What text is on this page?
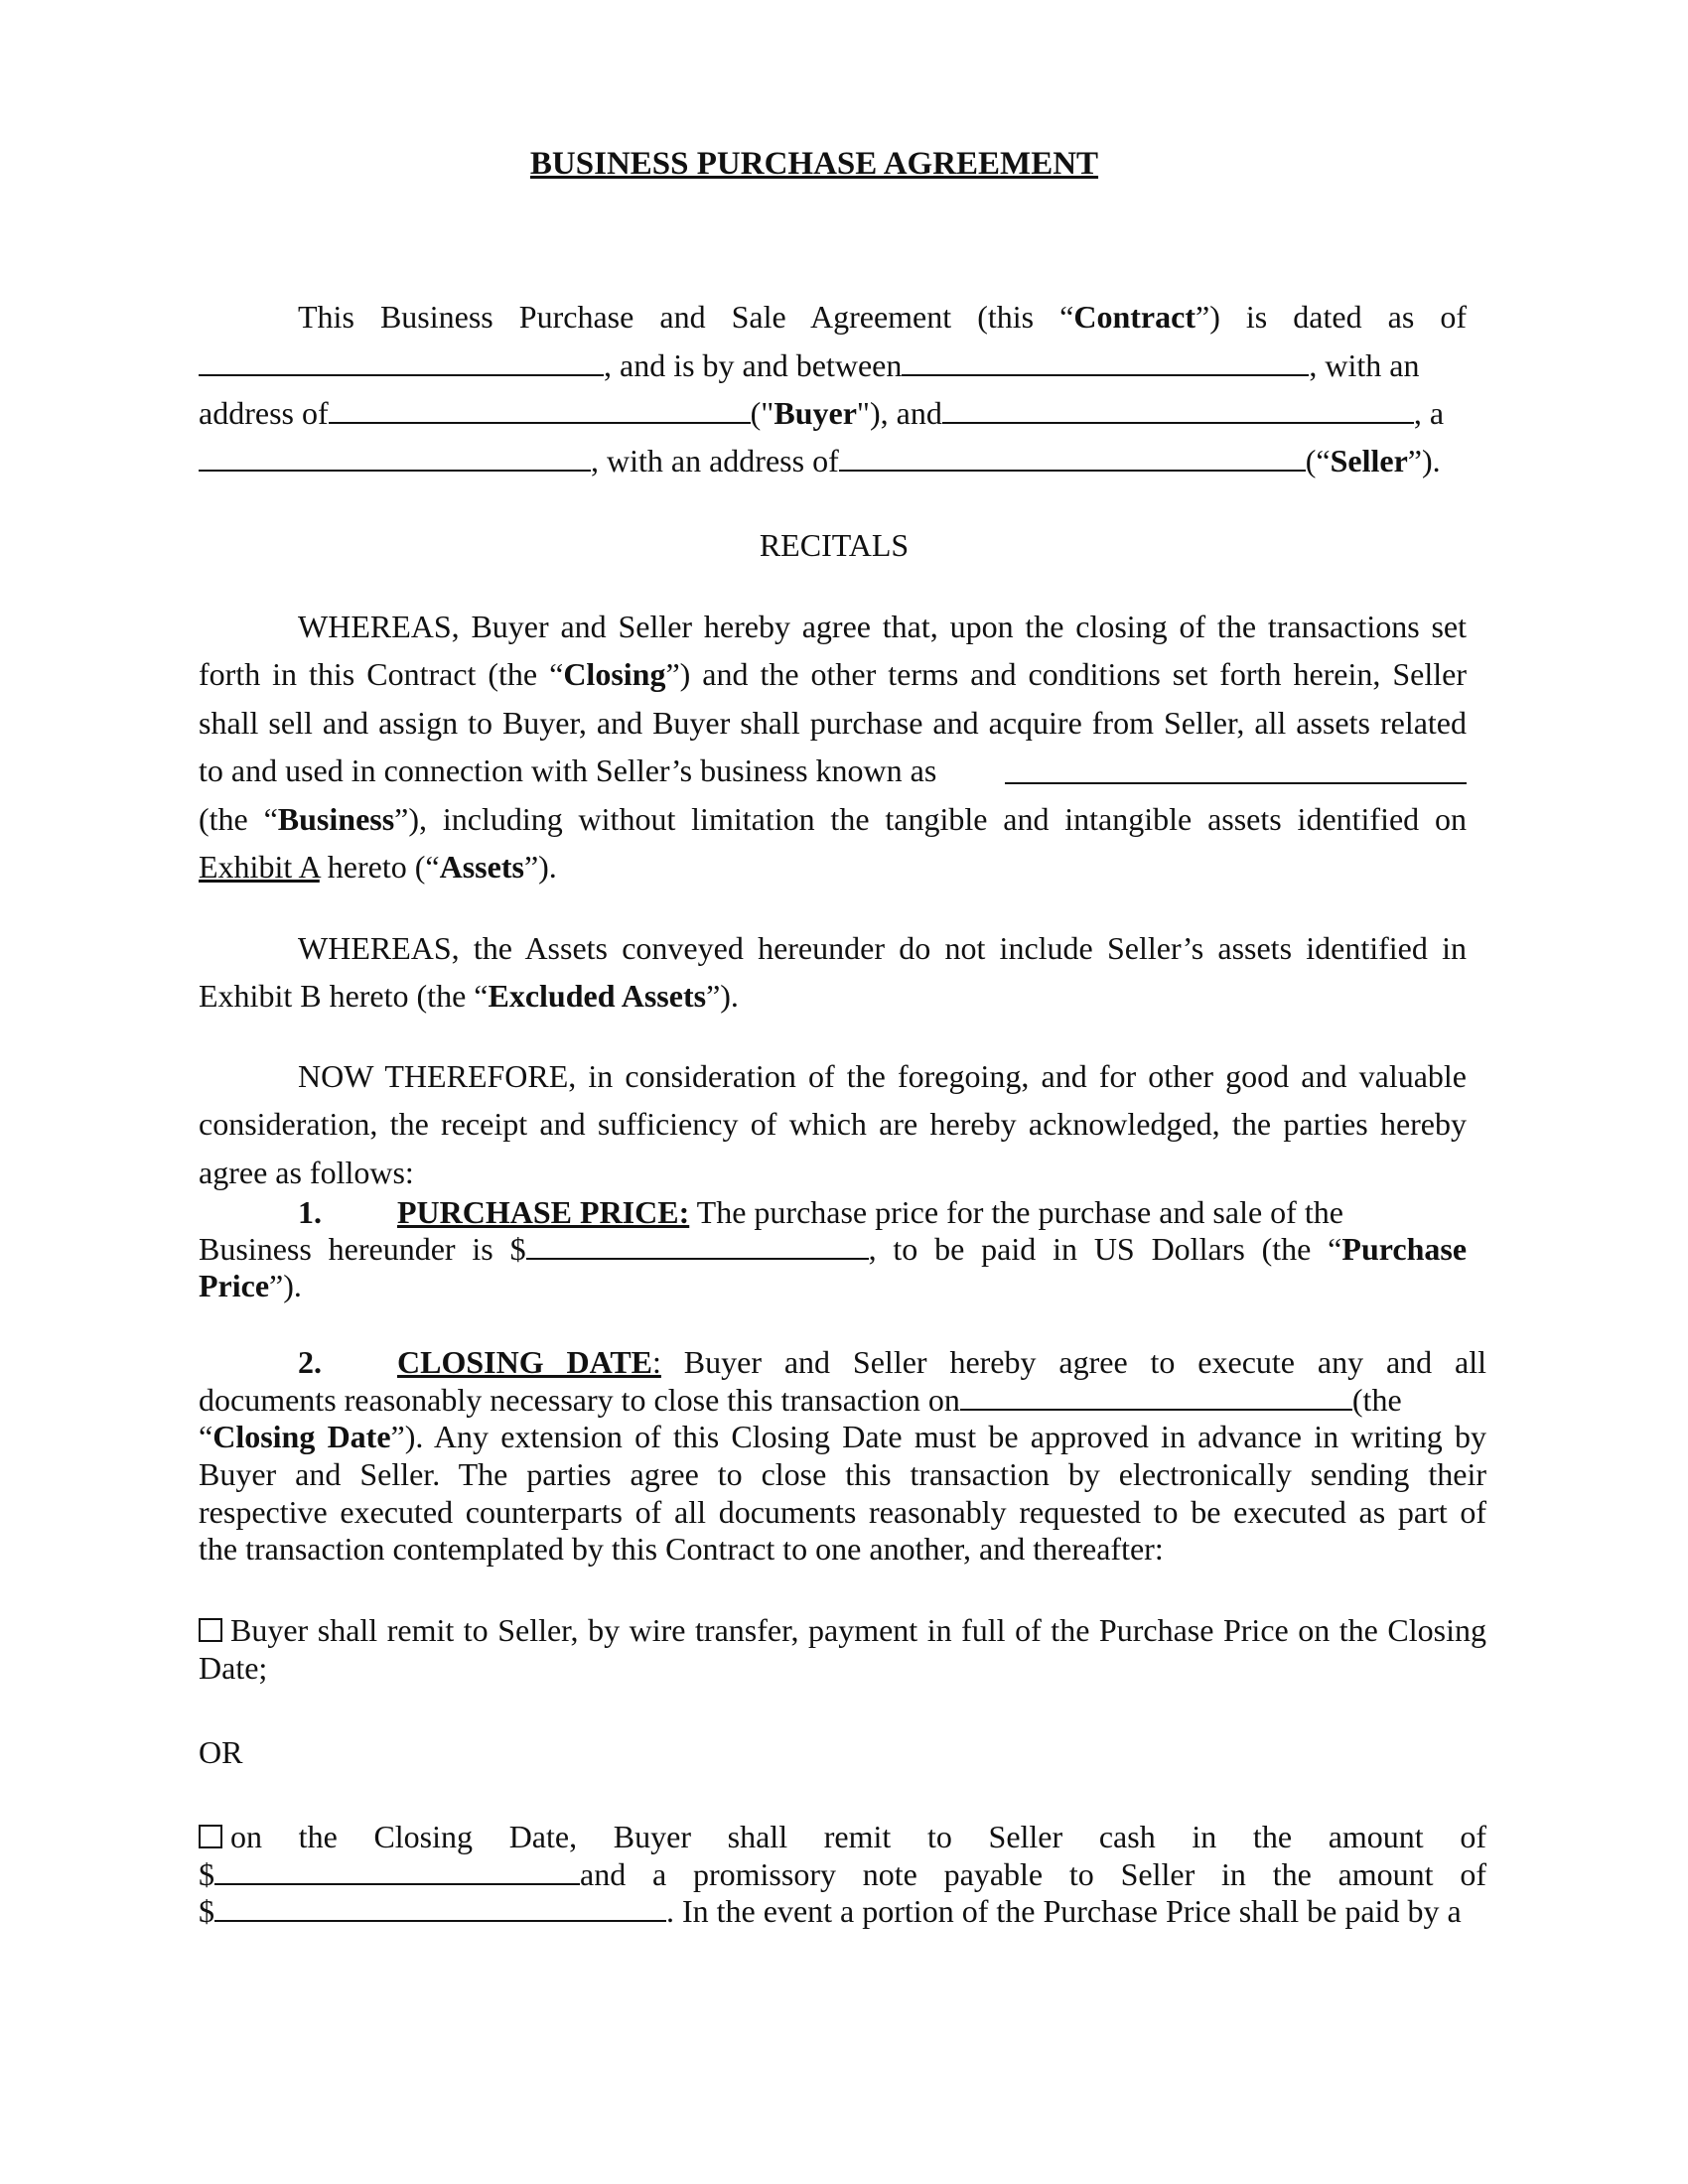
BUSINESS PURCHASE AGREEMENT
This Business Purchase and Sale Agreement (this “Contract”) is dated as of
, and is by and between	, with an
address of	("Buyer"), and	, a
, with an address of	(“Seller”).
RECITALS
WHEREAS, Buyer and Seller hereby agree that, upon the closing of the transactions set
forth in this Contract (the “Closing”) and the other terms and conditions set forth herein, Seller
shall sell and assign to Buyer, and Buyer shall purchase and acquire from Seller, all assets related
to and used in connection with Seller’s business known as
(the “Business”), including without limitation the tangible and intangible assets identified on
Exhibit A hereto (“Assets”).
WHEREAS, the Assets conveyed hereunder do not include Seller’s assets identified in
Exhibit B hereto (the “Excluded Assets”).
NOW THEREFORE, in consideration of the foregoing, and for other good and valuable
consideration, the receipt and sufficiency of which are hereby acknowledged, the parties hereby
agree as follows:
1. PURCHASE PRICE: The purchase price for the purchase and sale of the
Business hereunder is $	, to be paid in US Dollars (the “Purchase
Price”).
2. CLOSING DATE: Buyer and Seller hereby agree to execute any and all
documents reasonably necessary to close this transaction on	(the
“Closing Date”). Any extension of this Closing Date must be approved in advance in writing by
Buyer and Seller. The parties agree to close this transaction by electronically sending their
respective executed counterparts of all documents reasonably requested to be executed as part of
the transaction contemplated by this Contract to one another, and thereafter:
Buyer shall remit to Seller, by wire transfer, payment in full of the Purchase Price on the Closing
Date;
OR
on the Closing Date, Buyer shall remit to Seller cash in the amount of
$	and a promissory note payable to Seller in the amount of
$	. In the event a portion of the Purchase Price shall be paid by a
